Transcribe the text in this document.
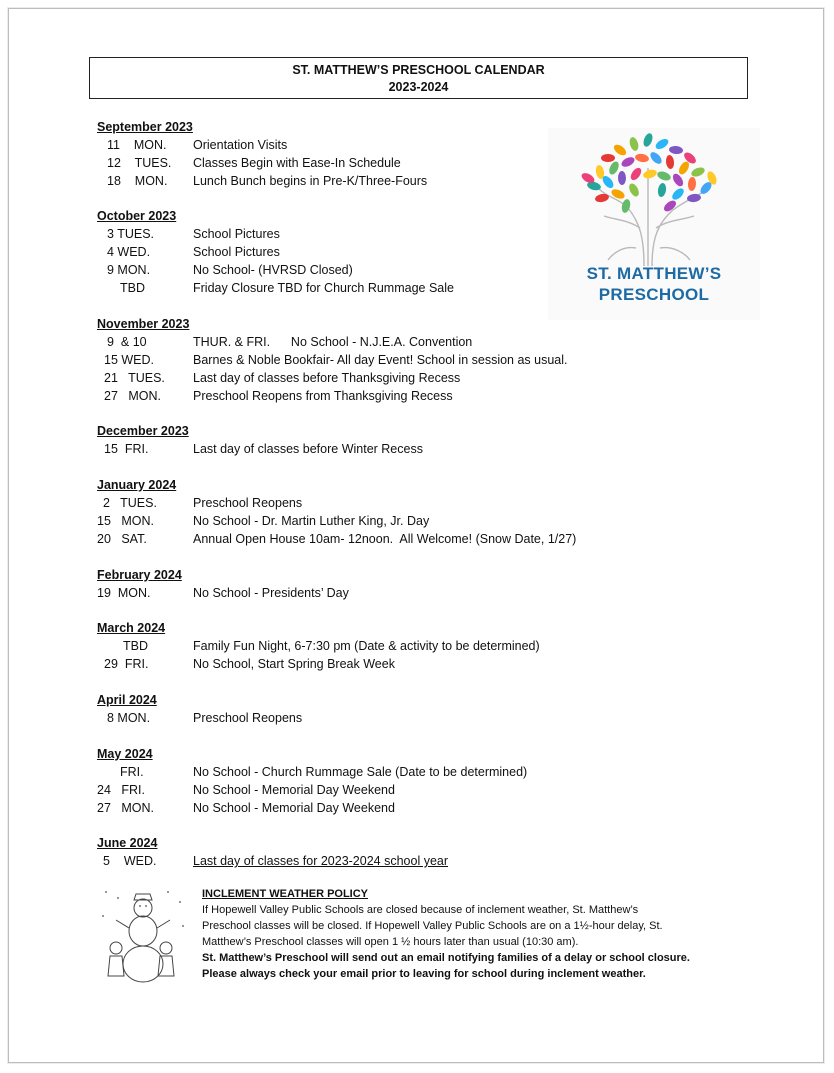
ST. MATTHEW’S PRESCHOOL CALENDAR
2023-2024
ST. MATTHEW’S
PRESCHOOL
September 2023
11    MON. Orientation Visits
12    TUES. Classes Begin with Ease-In Schedule
18    MON. Lunch Bunch begins in Pre-K/Three-Fours
October 2023
3 TUES.	School Pictures
4 WED.	School Pictures
9 MON.	No School- (HVRSD Closed)
TBD	Friday Closure TBD for Church Rummage Sale
November 2023
9  & 10	THUR. & FRI.      No School - N.J.E.A. Convention
15 WED.	Barnes & Noble Bookfair- All day Event! School in session as usual.
21   TUES. Last day of classes before Thanksgiving Recess
27   MON.	Preschool Reopens from Thanksgiving Recess
December 2023
15  FRI.	Last day of classes before Winter Recess
January 2024
2   TUES.	Preschool Reopens
15   MON.	No School - Dr. Martin Luther King, Jr. Day
20   SAT.	Annual Open House 10am- 12noon.  All Welcome! (Snow Date, 1/27)
February 2024
19  MON.	No School - Presidents’ Day
March 2024
TBD	Family Fun Night, 6-7:30 pm (Date & activity to be determined)
29  FRI.	No School, Start Spring Break Week
April 2024
8 MON.	Preschool Reopens
May 2024
FRI.	No School - Church Rummage Sale (Date to be determined)
24   FRI.	No School - Memorial Day Weekend
27   MON.	No School - Memorial Day Weekend
June 2024
5    WED.	Last day of classes for 2023-2024 school year
INCLEMENT WEATHER POLICY
If Hopewell Valley Public Schools are closed because of inclement weather, St. Matthew’s
Preschool classes will be closed. If Hopewell Valley Public Schools are on a 1½-hour delay, St.
Matthew’s Preschool classes will open 1 ½ hours later than usual (10:30 am).
St. Matthew’s Preschool will send out an email notifying families of a delay or school closure.
Please always check your email prior to leaving for school during inclement weather.
